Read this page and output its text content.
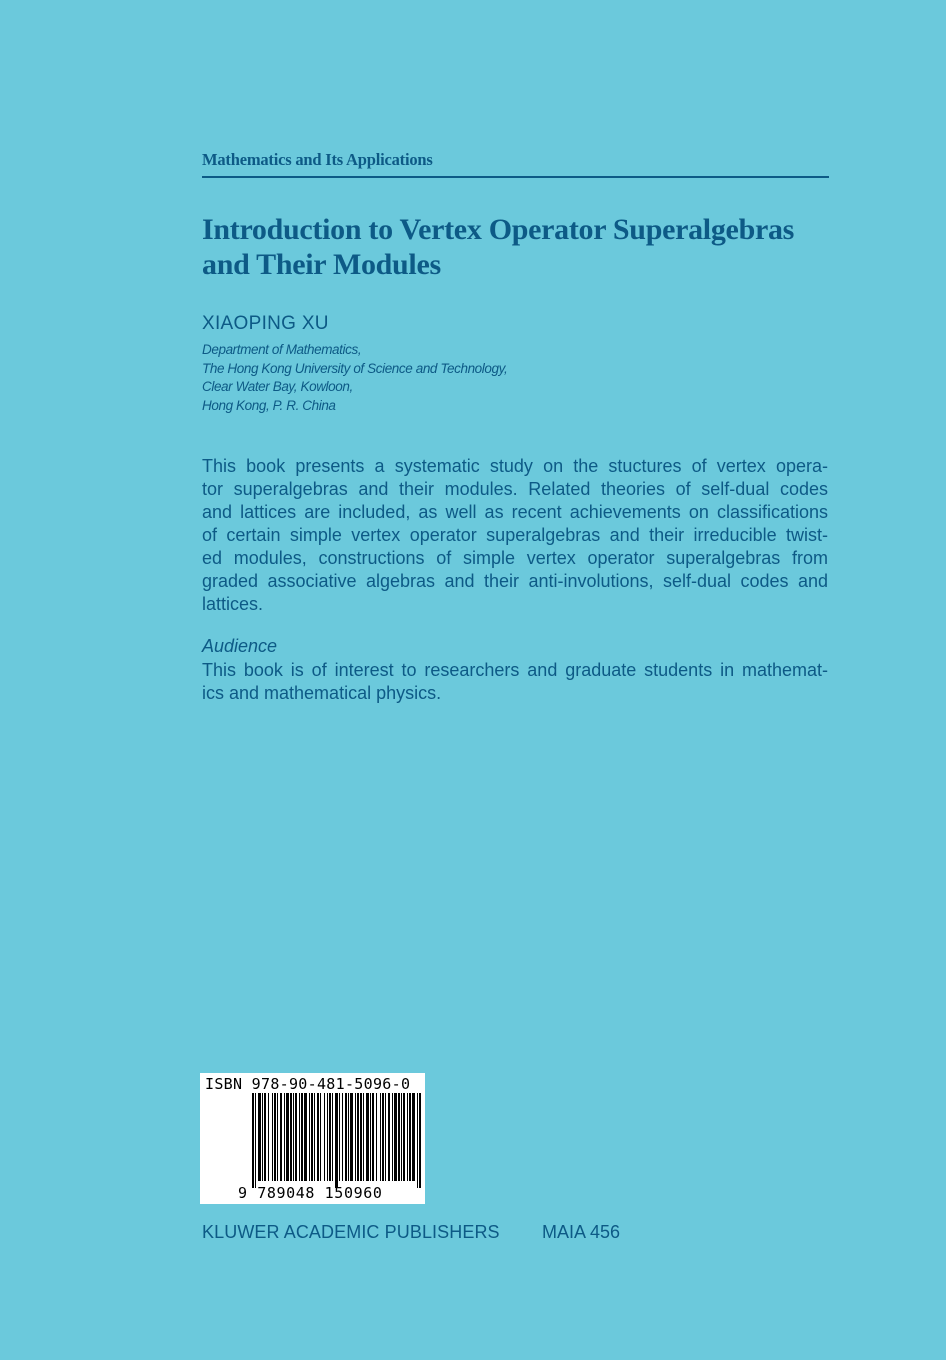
Mathematics and Its Applications
Introduction to Vertex Operator Superalgebras
and Their Modules
XIAOPING XU
Department of Mathematics,
The Hong Kong University of Science and Technology,
Clear Water Bay, Kowloon,
Hong Kong, P. R. China
This book presents a systematic study on the stuctures of vertex opera-
tor superalgebras and their modules. Related theories of self-dual codes
and lattices are included, as well as recent achievements on classifications
of certain simple vertex operator superalgebras and their irreducible twist-
ed modules, constructions of simple vertex operator superalgebras from
graded associative algebras and their anti-involutions, self-dual codes and
lattices.
Audience
This book is of interest to researchers and graduate students in mathemat-
ics and mathematical physics.
ISBN 978-90-481-5096-0
9 789048 150960
KLUWER ACADEMIC PUBLISHERS MAIA 456
